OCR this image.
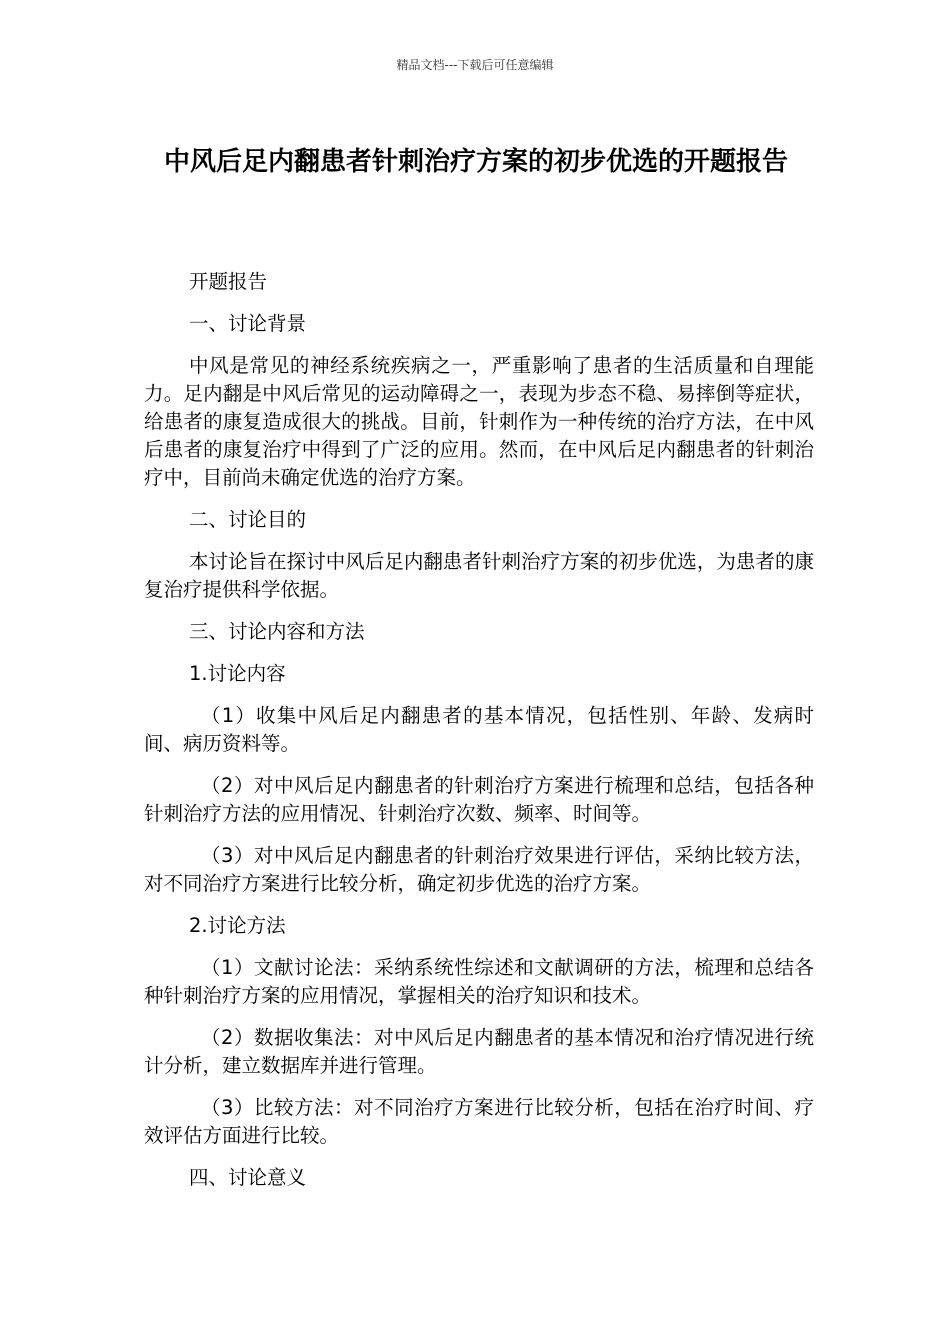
精品文档---下载后可任意编辑
中风后足内翻患者针刺治疗方案的初步优选的开题报告

开题报告

一、讨论背景

中风是常见的神经系统疾病之一，严重影响了患者的生活质量和自理能力。足内翻是中风后常见的运动障碍之一，表现为步态不稳、易摔倒等症状，给患者的康复造成很大的挑战。目前，针刺作为一种传统的治疗方法，在中风后患者的康复治疗中得到了广泛的应用。然而，在中风后足内翻患者的针刺治疗中，目前尚未确定优选的治疗方案。

二、讨论目的

本讨论旨在探讨中风后足内翻患者针刺治疗方案的初步优选，为患者的康复治疗提供科学依据。

三、讨论内容和方法

1.讨论内容

（1）收集中风后足内翻患者的基本情况，包括性别、年龄、发病时间、病历资料等。

（2）对中风后足内翻患者的针刺治疗方案进行梳理和总结，包括各种针刺治疗方法的应用情况、针刺治疗次数、频率、时间等。

（3）对中风后足内翻患者的针刺治疗效果进行评估，采纳比较方法，对不同治疗方案进行比较分析，确定初步优选的治疗方案。

2.讨论方法

（1）文献讨论法：采纳系统性综述和文献调研的方法，梳理和总结各种针刺治疗方案的应用情况，掌握相关的治疗知识和技术。

（2）数据收集法：对中风后足内翻患者的基本情况和治疗情况进行统计分析，建立数据库并进行管理。

（3）比较方法：对不同治疗方案进行比较分析，包括在治疗时间、疗效评估方面进行比较。

四、讨论意义
